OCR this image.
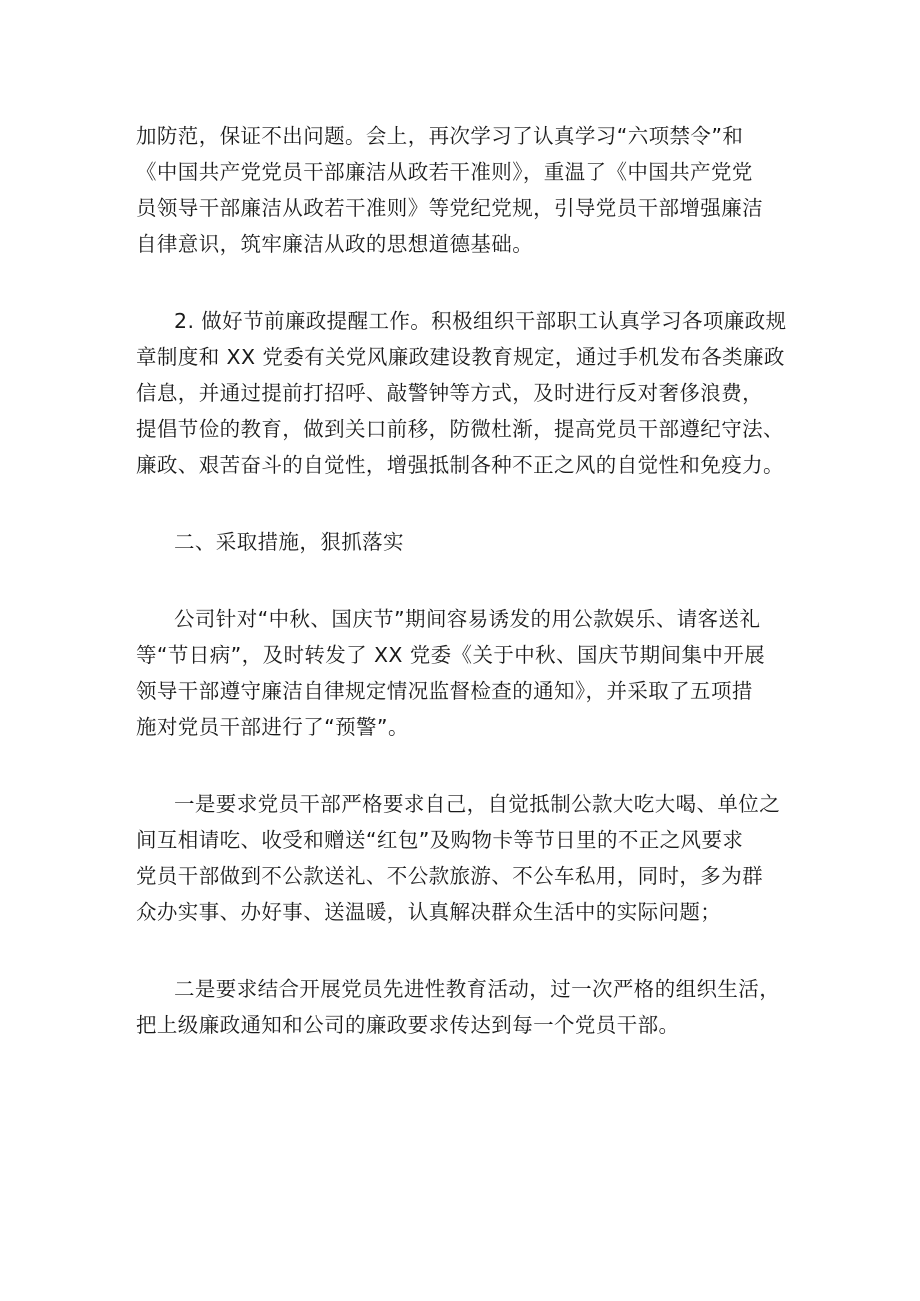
加防范，保证不出问题。会上，再次学习了认真学习“六项禁令”和
《中国共产党党员干部廉洁从政若干准则》，重温了《中国共产党党
员领导干部廉洁从政若干准则》等党纪党规，引导党员干部增强廉洁
自律意识，筑牢廉洁从政的思想道德基础。

2. 做好节前廉政提醒工作。积极组织干部职工认真学习各项廉政规
章制度和 XX 党委有关党风廉政建设教育规定，通过手机发布各类廉政
信息，并通过提前打招呼、敲警钟等方式，及时进行反对奢侈浪费，
提倡节俭的教育，做到关口前移，防微杜渐，提高党员干部遵纪守法、
廉政、艰苦奋斗的自觉性，增强抵制各种不正之风的自觉性和免疫力。

二、采取措施，狠抓落实

公司针对“中秋、国庆节”期间容易诱发的用公款娱乐、请客送礼
等“节日病”，及时转发了 XX 党委《关于中秋、国庆节期间集中开展
领导干部遵守廉洁自律规定情况监督检查的通知》，并采取了五项措
施对党员干部进行了“预警”。

一是要求党员干部严格要求自己，自觉抵制公款大吃大喝、单位之
间互相请吃、收受和赠送“红包”及购物卡等节日里的不正之风要求
党员干部做到不公款送礼、不公款旅游、不公车私用，同时，多为群
众办实事、办好事、送温暖，认真解决群众生活中的实际问题；

二是要求结合开展党员先进性教育活动，过一次严格的组织生活，
把上级廉政通知和公司的廉政要求传达到每一个党员干部。
